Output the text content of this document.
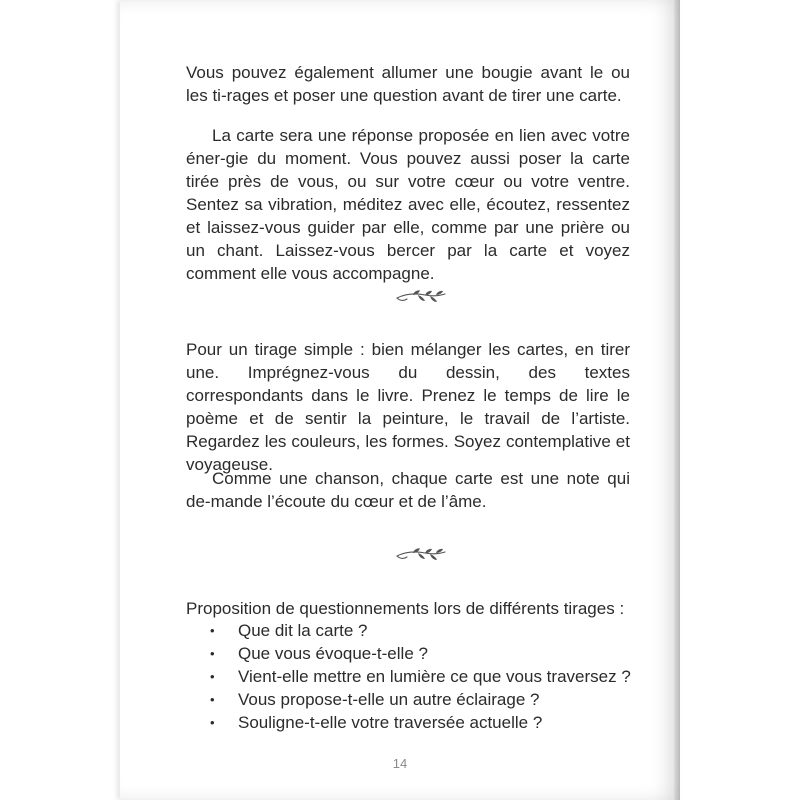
Vous pouvez également allumer une bougie avant le ou les ti-rages et poser une question avant de tirer une carte.
La carte sera une réponse proposée en lien avec votre éner-gie du moment. Vous pouvez aussi poser la carte tirée près de vous, ou sur votre cœur ou votre ventre. Sentez sa vibration, méditez avec elle, écoutez, ressentez et laissez-vous guider par elle, comme par une prière ou un chant. Laissez-vous bercer par la carte et voyez comment elle vous accompagne.
Pour un tirage simple : bien mélanger les cartes, en tirer une. Imprégnez-vous du dessin, des textes correspondants dans le livre. Prenez le temps de lire le poème et de sentir la peinture, le travail de l’artiste. Regardez les couleurs, les formes. Soyez contemplative et voyageuse.
Comme une chanson, chaque carte est une note qui de-mande l’écoute du cœur et de l’âme.
Proposition de questionnements lors de différents tirages :
• Que dit la carte ?
• Que vous évoque-t-elle ?
• Vient-elle mettre en lumière ce que vous traversez ?
• Vous propose-t-elle un autre éclairage ?
• Souligne-t-elle votre traversée actuelle ?
14
